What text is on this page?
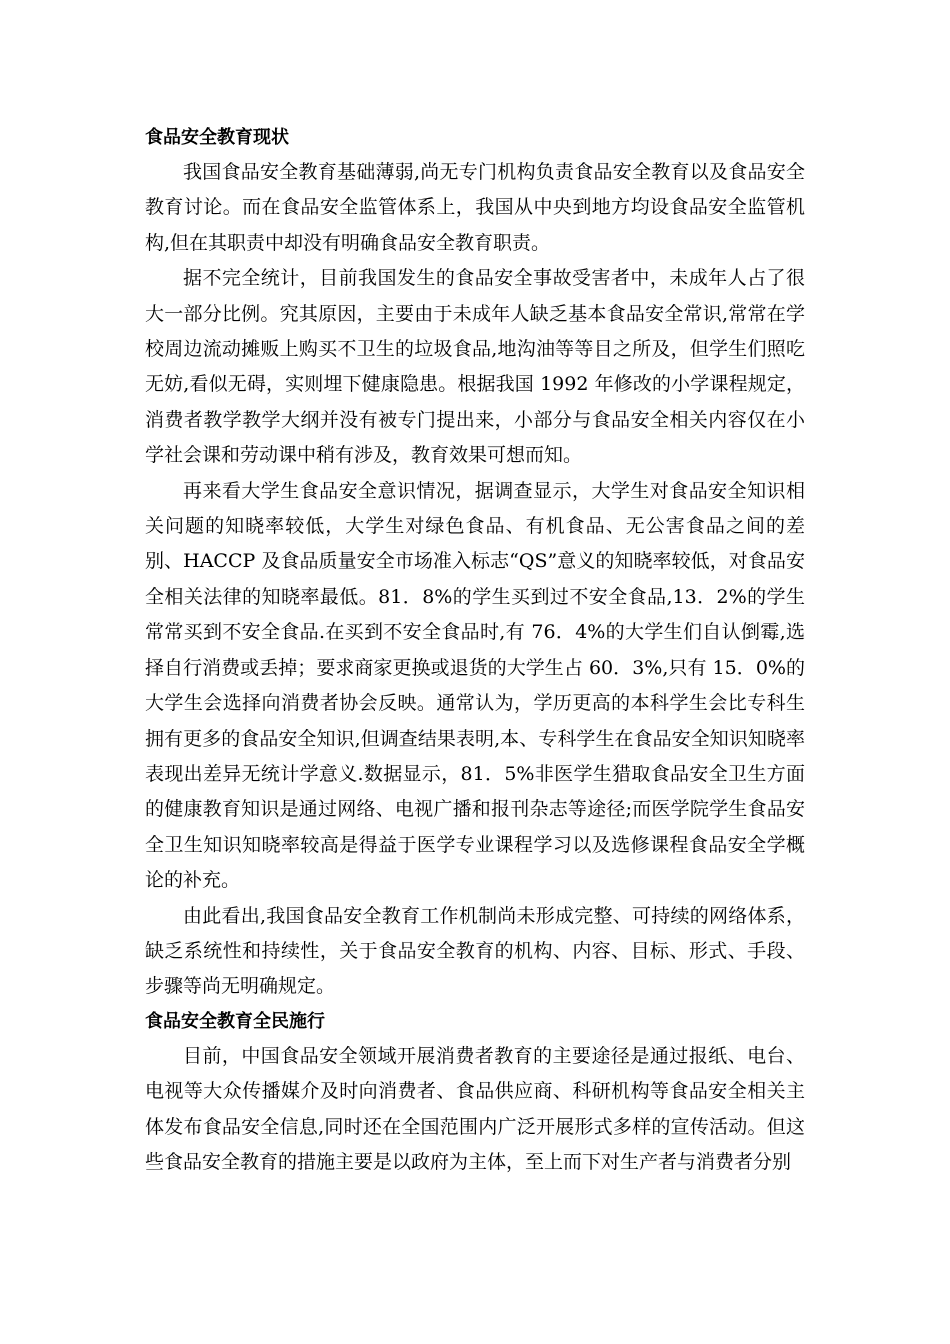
食品安全教育现状

我国食品安全教育基础薄弱,尚无专门机构负责食品安全教育以及食品安全教育讨论。而在食品安全监管体系上，我国从中央到地方均设食品安全监管机构,但在其职责中却没有明确食品安全教育职责。

据不完全统计，目前我国发生的食品安全事故受害者中，未成年人占了很大一部分比例。究其原因，主要由于未成年人缺乏基本食品安全常识,常常在学校周边流动摊贩上购买不卫生的垃圾食品,地沟油等等目之所及，但学生们照吃无妨,看似无碍，实则埋下健康隐患。根据我国 1992 年修改的小学课程规定，消费者教学教学大纲并没有被专门提出来，小部分与食品安全相关内容仅在小学社会课和劳动课中稍有涉及，教育效果可想而知。

再来看大学生食品安全意识情况，据调查显示，大学生对食品安全知识相关问题的知晓率较低，大学生对绿色食品、有机食品、无公害食品之间的差别、HACCP 及食品质量安全市场准入标志“QS”意义的知晓率较低，对食品安全相关法律的知晓率最低。81．8%的学生买到过不安全食品,13．2%的学生常常买到不安全食品.在买到不安全食品时,有 76．4%的大学生们自认倒霉,选择自行消费或丢掉；要求商家更换或退货的大学生占 60．3%,只有 15．0%的大学生会选择向消费者协会反映。通常认为，学历更高的本科学生会比专科生拥有更多的食品安全知识,但调查结果表明,本、专科学生在食品安全知识知晓率表现出差异无统计学意义.数据显示，81．5%非医学生猎取食品安全卫生方面的健康教育知识是通过网络、电视广播和报刊杂志等途径;而医学院学生食品安全卫生知识知晓率较高是得益于医学专业课程学习以及选修课程食品安全学概论的补充。

由此看出,我国食品安全教育工作机制尚未形成完整、可持续的网络体系，缺乏系统性和持续性，关于食品安全教育的机构、内容、目标、形式、手段、步骤等尚无明确规定。

食品安全教育全民施行

目前，中国食品安全领域开展消费者教育的主要途径是通过报纸、电台、电视等大众传播媒介及时向消费者、食品供应商、科研机构等食品安全相关主体发布食品安全信息,同时还在全国范围内广泛开展形式多样的宣传活动。但这些食品安全教育的措施主要是以政府为主体，至上而下对生产者与消费者分别
